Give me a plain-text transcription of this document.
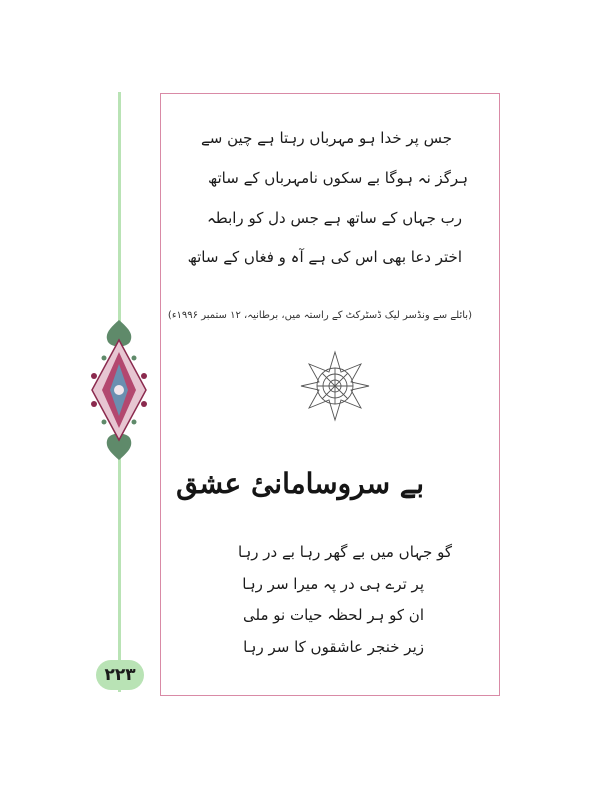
جس پر خدا ہو مہرباں رہتا ہے چین سے
ہرگز نہ ہوگا بے سکوں نامہرباں کے ساتھ
رب جہاں کے ساتھ ہے جس دل کو رابطہ
اختر دعا بھی اس کی ہے آہ و فغاں کے ساتھ
(بائلے سے ونڈسر لیک ڈسٹرکٹ کے راستہ میں، برطانیہ، ۱۲ ستمبر ۱۹۹۶ء)
بے سروسامانیٔ عشق
گو جہاں میں بے گھر رہا بے در رہا
پر ترے ہی در پہ میرا سر رہا
ان کو ہر لحظہ حیات نو ملی
زیر خنجر عاشقوں کا سر رہا
۲۲۳
